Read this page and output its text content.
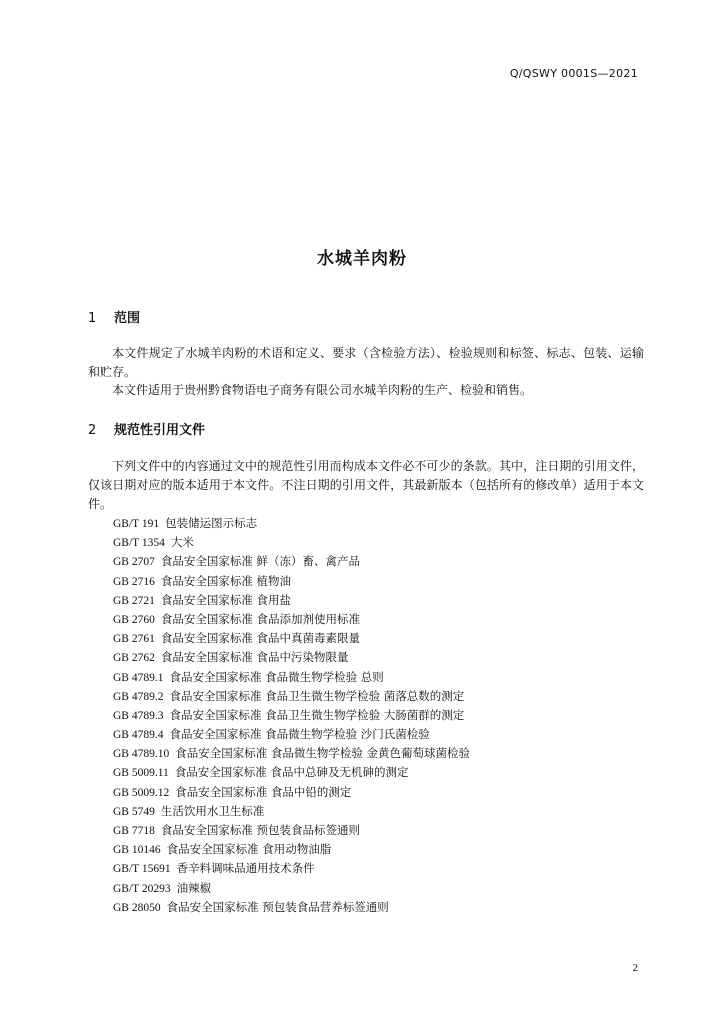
Q/QSWY 0001S—2021
水城羊肉粉
1 范围
本文件规定了水城羊肉粉的术语和定义、要求（含检验方法）、检验规则和标签、标志、包装、运输和贮存。
本文件适用于贵州黔食物语电子商务有限公司水城羊肉粉的生产、检验和销售。
2 规范性引用文件
下列文件中的内容通过文中的规范性引用而构成本文件必不可少的条款。其中，注日期的引用文件，仅该日期对应的版本适用于本文件。不注日期的引用文件，其最新版本（包括所有的修改单）适用于本文件。
GB/T 191 包装储运图示标志
GB/T 1354 大米
GB 2707 食品安全国家标准 鲜（冻）畜、禽产品
GB 2716 食品安全国家标准 植物油
GB 2721 食品安全国家标准 食用盐
GB 2760 食品安全国家标准 食品添加剂使用标准
GB 2761 食品安全国家标准 食品中真菌毒素限量
GB 2762 食品安全国家标准 食品中污染物限量
GB 4789.1 食品安全国家标准 食品微生物学检验 总则
GB 4789.2 食品安全国家标准 食品卫生微生物学检验 菌落总数的测定
GB 4789.3 食品安全国家标准 食品卫生微生物学检验 大肠菌群的测定
GB 4789.4 食品安全国家标准 食品微生物学检验 沙门氏菌检验
GB 4789.10 食品安全国家标准 食品微生物学检验 金黄色葡萄球菌检验
GB 5009.11 食品安全国家标准 食品中总砷及无机砷的测定
GB 5009.12 食品安全国家标准 食品中铅的测定
GB 5749 生活饮用水卫生标准
GB 7718 食品安全国家标准 预包装食品标签通则
GB 10146 食品安全国家标准 食用动物油脂
GB/T 15691 香辛料调味品通用技术条件
GB/T 20293 油辣椒
GB 28050 食品安全国家标准 预包装食品营养标签通则
2
